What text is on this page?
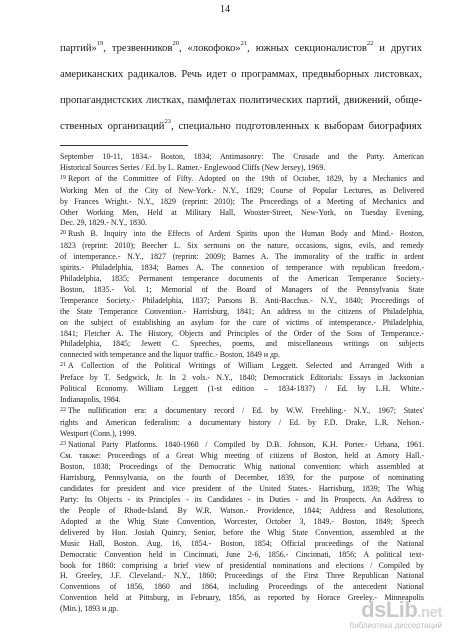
14
партий»$^{19}$, трезвенников$^{20}$, «локофоко»$^{21}$, южных секционалистов$^{22}$ и других
американских радикалов. Речь идет о программах, предвыборных листовках,
пропагандистских листках, памфлетах политических партий, движений, обще-
ственных организаций$^{23}$, специально подготовленных к выборам биографиях
September 10-11, 1834.- Boston, 1834; Antimasonry: The Crusade and the Party. American
Historical Sources Series / Ed. by L. Ratner.- Englewood Cliffs (New Jersey), 1969.
$^{19}$ Report of the Committee of Fifty. Adopted on the 19th of October, 1829, by a Mechanics and
Working Men of the City of New-York.- N.Y., 1829; Course of Popular Lectures, as Delivered
by Frances Wright.- N.Y., 1829 (reprint: 2010); The Proceedings of a Meeting of Mechanics and
Other Working Men, Held at Military Hall, Wooster-Street, New-York, on Tuesday Evening,
Dec. 29, 1829.- N.Y., 1830.
$^{20}$ Rush B. Inquiry into the Effects of Ardent Spirits upon the Human Body and Mind.- Boston,
1823 (reprint: 2010); Beecher L. Six sermons on the nature, occasions, signs, evils, and remedy
of intemperance.- N.Y., 1827 (reprint: 2009); Barnes A. The immorality of the traffic in ardent
spirits.- Philadelphia, 1834; Barnes A. The connexion of temperance with republican freedom.-
Philadelphia, 1835; Permanent temperance documents of the American Temperance Society.-
Boston, 1835.- Vol. 1; Memorial of the Board of Managers of the Pennsylvania State
Temperance Society.- Philadelphia, 1837; Parsons B. Anti-Bacchus.- N.Y., 1840; Proceedings of
the State Temperance Convention.- Harrisburg, 1841; An address to the citizens of Philadelphia,
on the subject of establishing an asylum for the cure of victims of intemperance.- Philadelphia,
1841; Fletcher A. The History, Objects and Principles of the Order of the Sons of Temperance.-
Philadelphia, 1845; Jewett C. Speeches, poems, and miscellaneous writings on subjects
connected with temperance and the liquor traffic.- Boston, 1849 и др.
$^{21}$ A Collection of the Political Writings of William Leggett. Selected and Arranged With a
Preface by T. Sedgwick, Jr. In 2 vols.- N.Y., 1840; Democratick Editorials: Essays in Jacksonian
Political Economy. William Leggett (1-st edition – 1834-1837) / Ed. by L.H. White.-
Indianapolis, 1984.
$^{22}$ The nullification era: a documentary record / Ed. by W.W. Freehling.- N.Y., 1967; States'
rights and American federalism: a documentary history / Ed. by F.D. Drake, L.R. Nelson.-
Westport (Conn.), 1999.
$^{23}$ National Party Platforms. 1840-1960 / Compiled by D.B. Johnson, K.H. Porter.- Urbana, 1961.
См. также: Proceedings of a Great Whig meeting of citizens of Boston, held at Amory Hall.-
Boston, 1838; Proceedings of the Democratic Whig national convention: which assembled at
Harrisburg, Pennsylvania, on the fourth of December, 1839, for the purpose of nominating
candidates for president and vice president of the United States.- Harrisburg, 1839; The Whig
Party: Its Objects - its Principles - its Candidates - its Duties - and Its Prospects. An Address to
the People of Rhode-Island. By W.R. Watson.- Providence, 1844; Address and Resolutions,
Adopted at the Whig State Convention, Worcester, October 3, 1849.- Boston, 1849; Speech
delivered by Hon. Josiah Quincy, Senior, before the Whig State Convention, assembled at the
Music Hall, Boston. Aug. 16, 1854.- Boston, 1854; Official proceedings of the National
Democratic Convention held in Cincinnati, June 2-6, 1856.- Cincinnati, 1856; A political text-
book for 1860: comprising a brief view of presidential nominations and elections / Compiled by
H. Greeley, J.F. Cleveland.- N.Y., 1860; Proceedings of the First Three Republican National
Conventions of 1856, 1860 and 1864, including Proceedings of the antecedent National
Convention held at Pittsburg, in February, 1856, as reported by Horace Greeley.- Minneapolis
(Min.), 1893 и др.	dsLib.net
библиотека диссертаций
